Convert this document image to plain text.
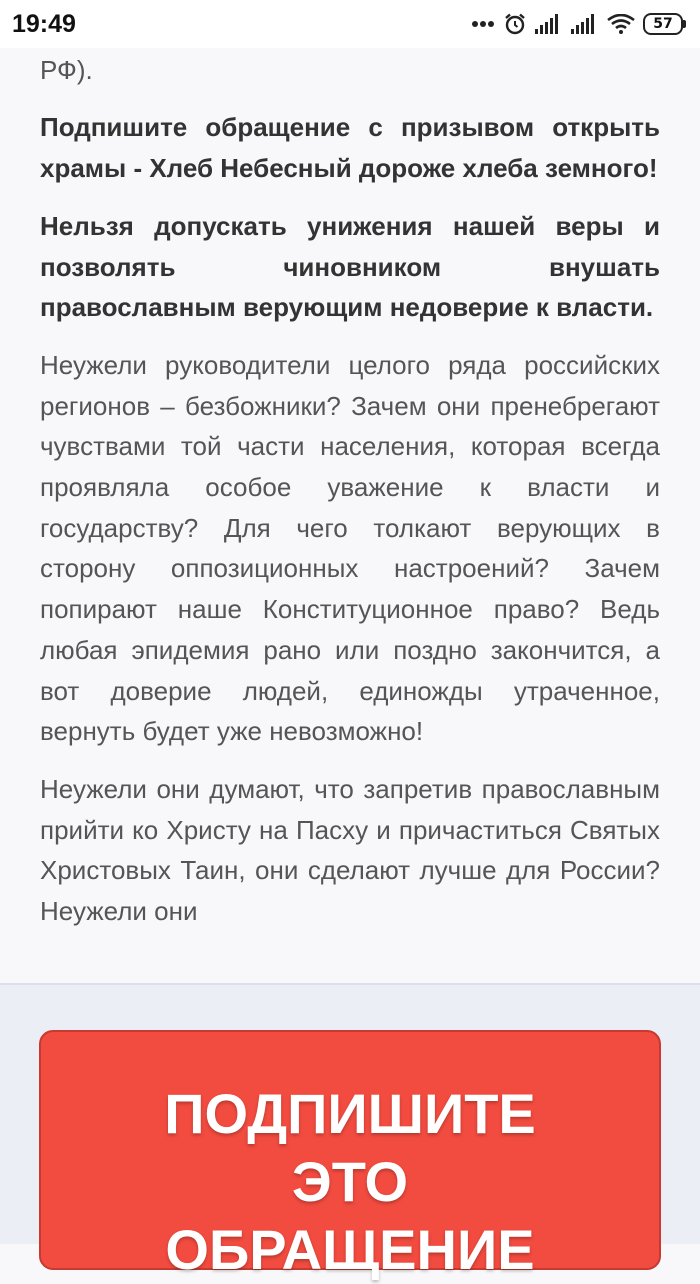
19:49	57

РФ).

Подпишите обращение с призывом открыть храмы - Хлеб Небесный дороже хлеба земного!

Нельзя допускать унижения нашей веры и позволять чиновником внушать православным верующим недоверие к власти.

Неужели руководители целого ряда российских регионов – безбожники? Зачем они пренебрегают чувствами той части населения, которая всегда проявляла особое уважение к власти и государству? Для чего толкают верующих в сторону оппозиционных настроений? Зачем попирают наше Конституционное право? Ведь любая эпидемия рано или поздно закончится, а вот доверие людей, единожды утраченное, вернуть будет уже невозможно!

Неужели они думают, что запретив православным прийти ко Христу на Пасху и причаститься Святых Христовых Таин, они сделают лучше для России? Неужели они

ПОДПИШИТЕ ЭТО ОБРАЩЕНИЕ
